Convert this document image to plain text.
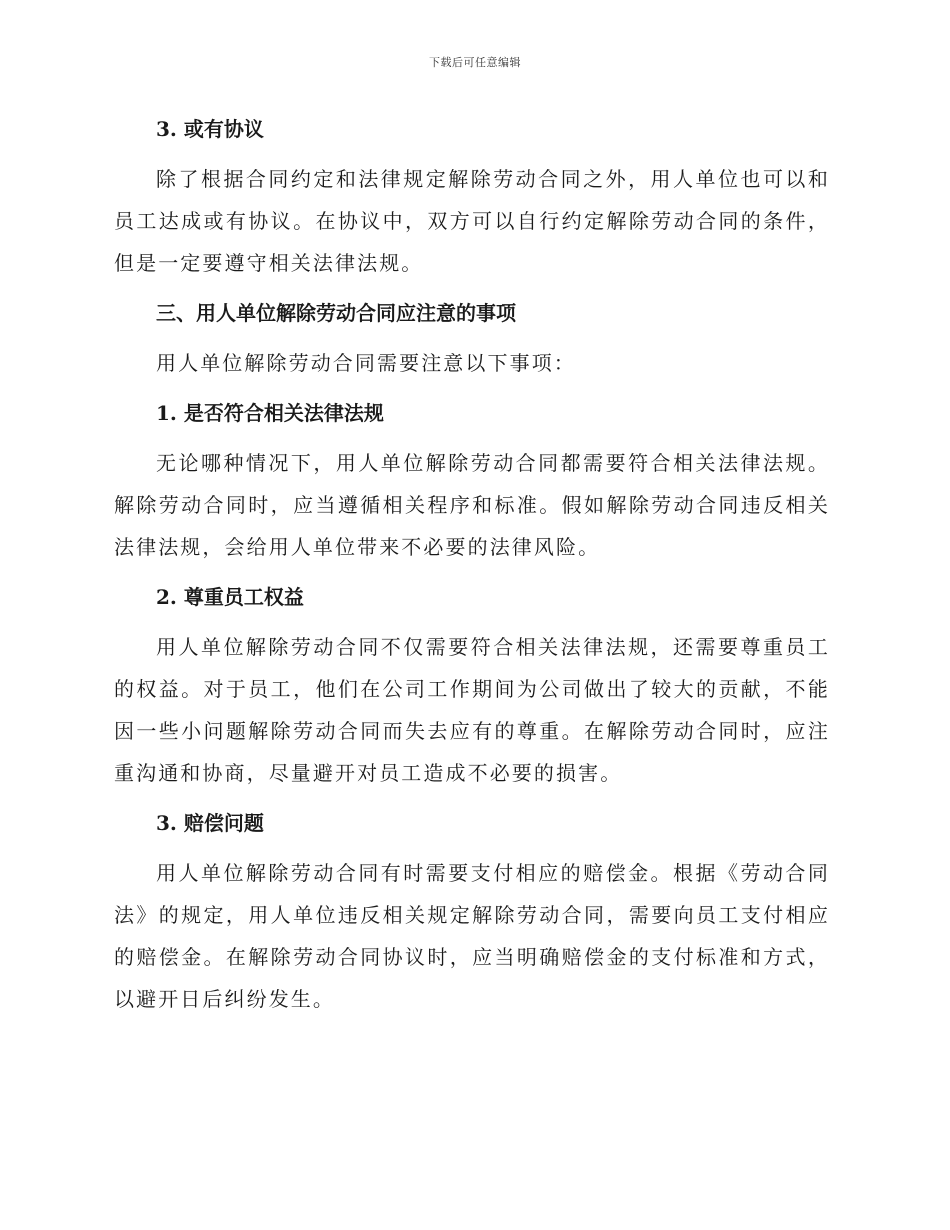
下载后可任意编辑
3. 或有协议

除了根据合同约定和法律规定解除劳动合同之外，用人单位也可以和员工达成或有协议。在协议中，双方可以自行约定解除劳动合同的条件，但是一定要遵守相关法律法规。

三、用人单位解除劳动合同应注意的事项

用人单位解除劳动合同需要注意以下事项：

1. 是否符合相关法律法规

无论哪种情况下，用人单位解除劳动合同都需要符合相关法律法规。解除劳动合同时，应当遵循相关程序和标准。假如解除劳动合同违反相关法律法规，会给用人单位带来不必要的法律风险。

2. 尊重员工权益

用人单位解除劳动合同不仅需要符合相关法律法规，还需要尊重员工的权益。对于员工，他们在公司工作期间为公司做出了较大的贡献，不能因一些小问题解除劳动合同而失去应有的尊重。在解除劳动合同时，应注重沟通和协商，尽量避开对员工造成不必要的损害。

3. 赔偿问题

用人单位解除劳动合同有时需要支付相应的赔偿金。根据《劳动合同法》的规定，用人单位违反相关规定解除劳动合同，需要向员工支付相应的赔偿金。在解除劳动合同协议时，应当明确赔偿金的支付标准和方式，以避开日后纠纷发生。
